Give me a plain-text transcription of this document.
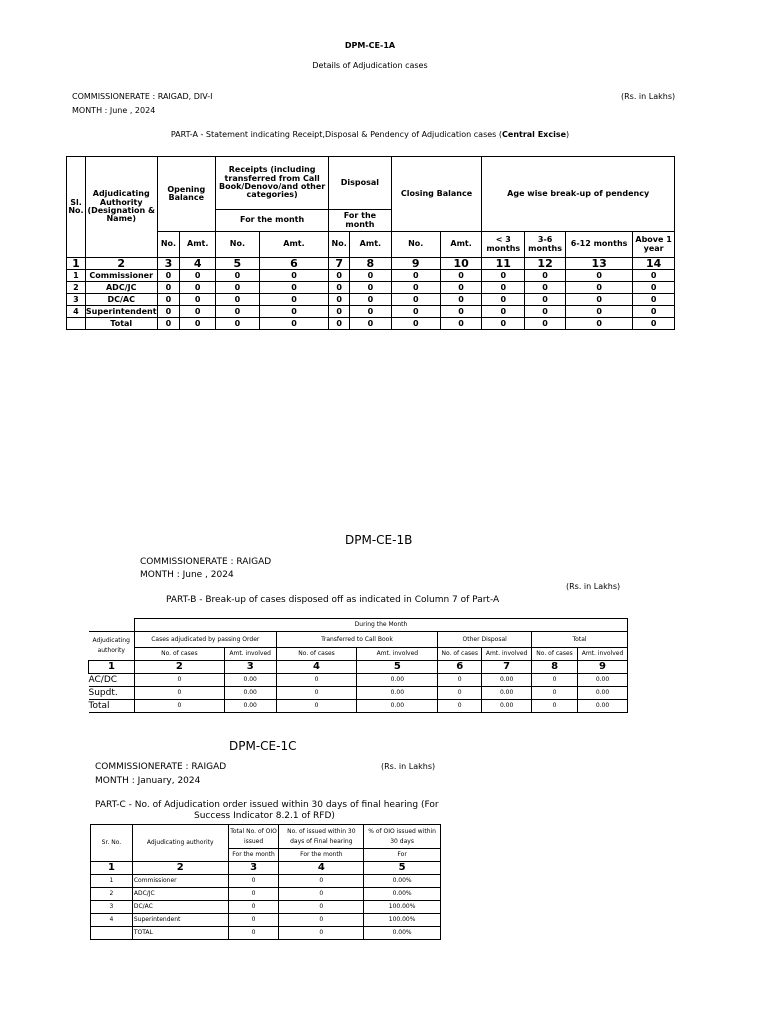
DPM-CE-1A
Details of Adjudication cases
COMMISSIONERATE : RAIGAD, DIV-I
MONTH : June , 2024
(Rs. in Lakhs)
PART-A - Statement indicating Receipt,Disposal & Pendency of Adjudication cases (Central Excise)
Sl. No.	Adjudicating Authority (Designation & Name)	Opening Balance		Receipts (including transferred from Call Book/Denovo/and other categories)		Disposal		Closing Balance		Age wise break-up of pendency			
				For the month		For the month							
		No.	Amt.	No.	Amt.	No.	Amt.	No.	Amt.	< 3 months	3-6 months	6-12 months	Above 1 year
1	2	3	4	5	6	7	8	9	10	11	12	13	14
1	Commissioner	0	0	0	0	0	0	0	0	0	0	0	0
2	ADC/JC	0	0	0	0	0	0	0	0	0	0	0	0
3	DC/AC	0	0	0	0	0	0	0	0	0	0	0	0
4	Superintendent	0	0	0	0	0	0	0	0	0	0	0	0
	Total	0	0	0	0	0	0	0	0	0	0	0	0
DPM-CE-1B
COMMISSIONERATE : RAIGAD
MONTH : June , 2024
(Rs. in Lakhs)
PART-B - Break-up of cases disposed off as indicated in Column 7 of Part-A
	During the Month							
Adjudicating authority	Cases adjudicated by passing Order		Transferred to Call Book		Other Disposal		Total	
	No. of cases	Amt. involved	No. of cases	Amt. involved	No. of cases	Amt. involved	No. of cases	Amt. involved
1	2	3	4	5	6	7	8	9
AC/DC	0	0.00	0	0.00	0	0.00	0	0.00
Supdt.	0	0.00	0	0.00	0	0.00	0	0.00
Total	0	0.00	0	0.00	0	0.00	0	0.00
DPM-CE-1C
COMMISSIONERATE : RAIGAD
MONTH : January, 2024
(Rs. in Lakhs)
PART-C - No. of Adjudication order issued within 30 days of final hearing (For
Success Indicator 8.2.1 of RFD)
Sr. No.	Adjudicating authority	Total No. of OIO issued	No. of issued within 30 days of Final hearing	% of OIO issued within 30 days
		For the month	For the month	For
1	2	3	4	5
1	Commissioner	0	0	0.00%
2	ADC/JC	0	0	0.00%
3	DC/AC	0	0	100.00%
4	Superintendent	0	0	100.00%
	TOTAL	0	0	0.00%
